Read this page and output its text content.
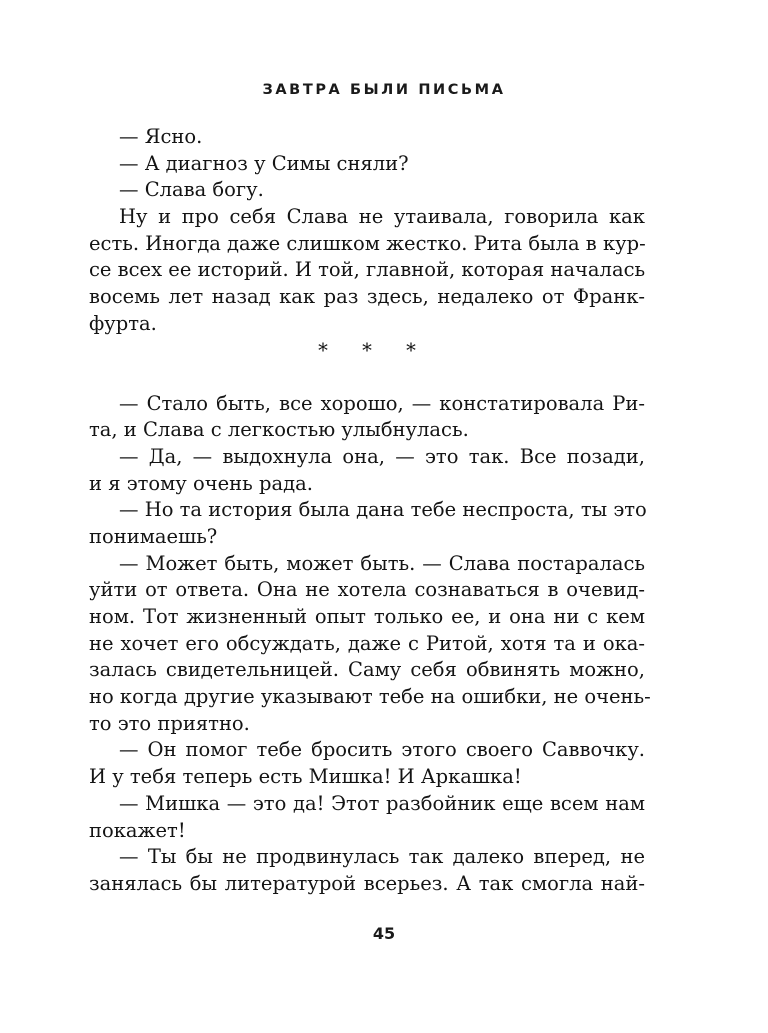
ЗАВТРА БЫЛИ ПИСЬМА
— Ясно.
— А диагноз у Симы сняли?
— Слава богу.
Ну и про себя Слава не утаивала, говорила как
есть. Иногда даже слишком жестко. Рита была в кур-
се всех ее историй. И той, главной, которая началась
восемь лет назад как раз здесь, недалеко от Франк-
фурта.
* * *
— Стало быть, все хорошо, — констатировала Ри-
та, и Слава с легкостью улыбнулась.
— Да, — выдохнула она, — это так. Все позади,
и я этому очень рада.
— Но та история была дана тебе неспроста, ты это
понимаешь?
— Может быть, может быть. — Слава постаралась
уйти от ответа. Она не хотела сознаваться в очевид-
ном. Тот жизненный опыт только ее, и она ни с кем
не хочет его обсуждать, даже с Ритой, хотя та и ока-
залась свидетельницей. Саму себя обвинять можно,
но когда другие указывают тебе на ошибки, не очень-
то это приятно.
— Он помог тебе бросить этого своего Саввочку.
И у тебя теперь есть Мишка! И Аркашка!
— Мишка — это да! Этот разбойник еще всем нам
покажет!
— Ты бы не продвинулась так далеко вперед, не
занялась бы литературой всерьез. А так смогла най-
45
